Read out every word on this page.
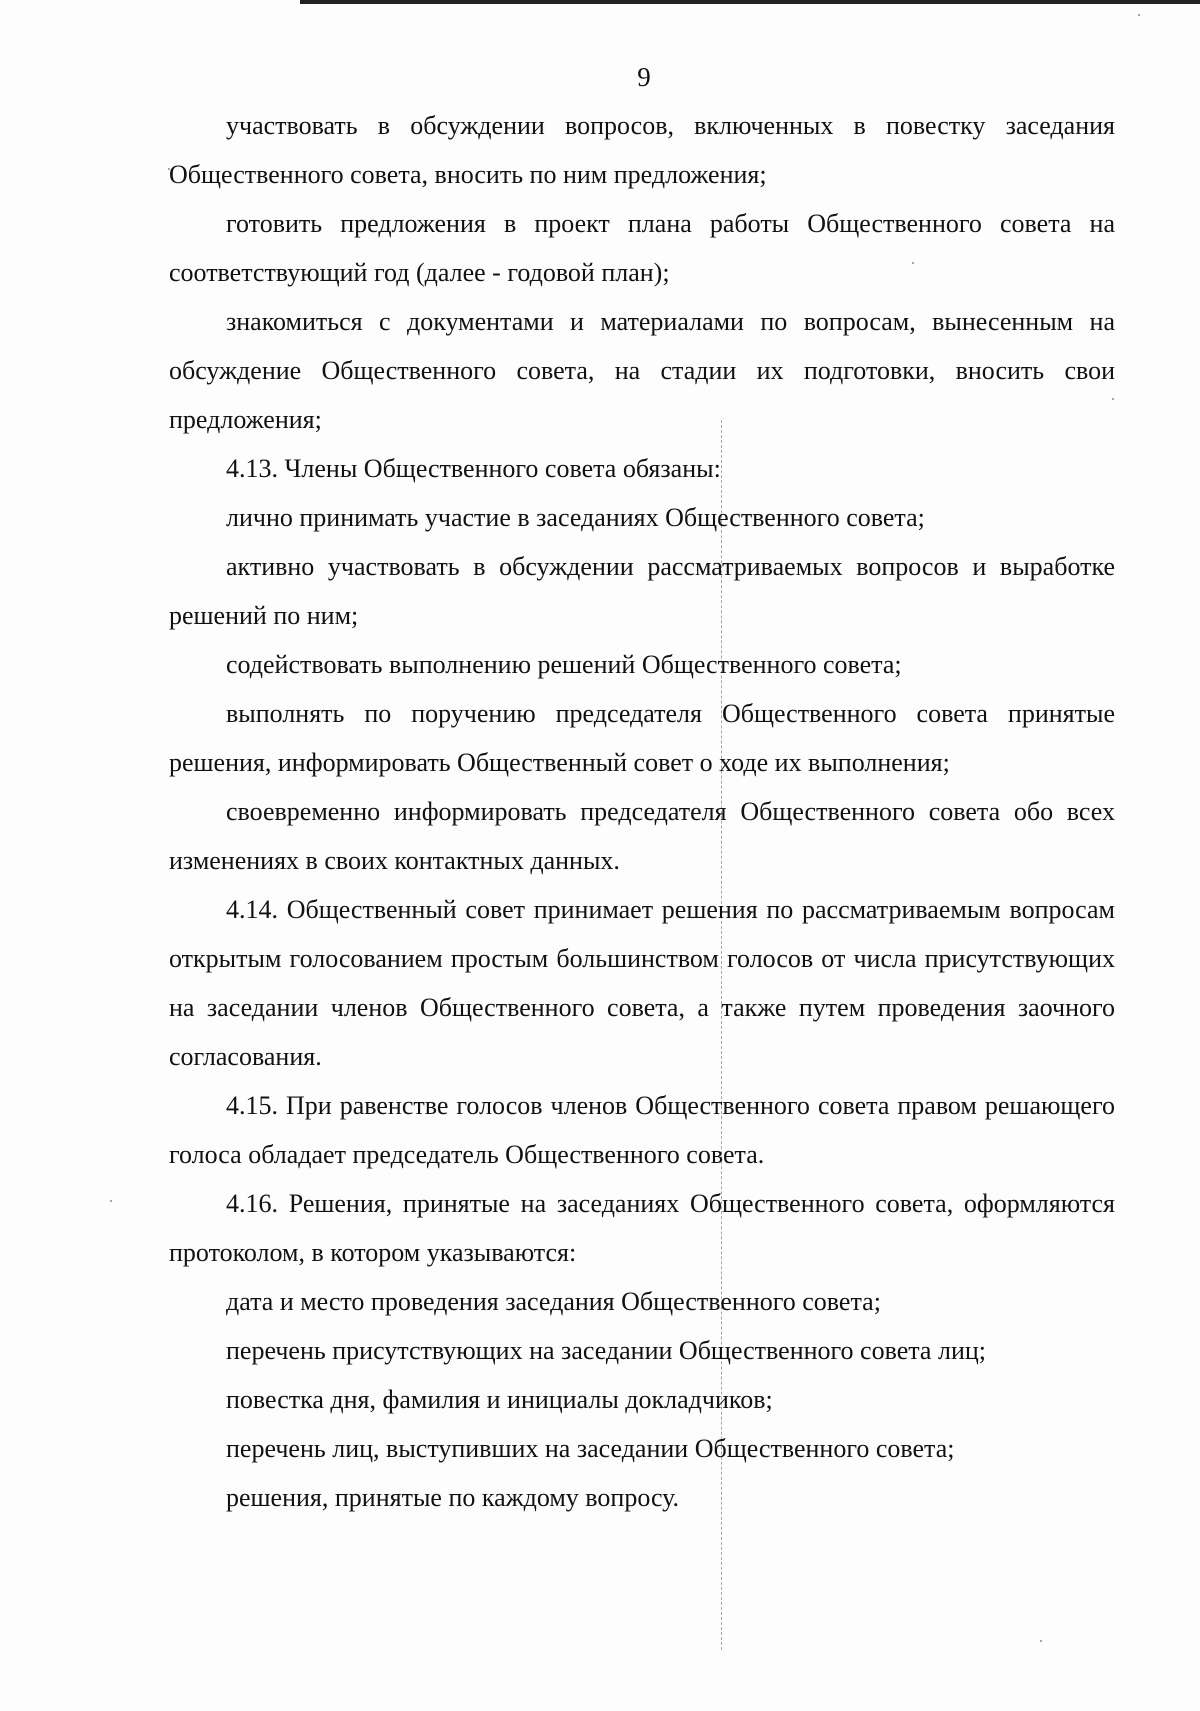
9

участвовать в обсуждении вопросов, включенных в повестку заседания Общественного совета, вносить по ним предложения;

готовить предложения в проект плана работы Общественного совета на соответствующий год (далее - годовой план);

знакомиться с документами и материалами по вопросам, вынесенным на обсуждение Общественного совета, на стадии их подготовки, вносить свои предложения;

4.13. Члены Общественного совета обязаны:

лично принимать участие в заседаниях Общественного совета;

активно участвовать в обсуждении рассматриваемых вопросов и выработке решений по ним;

содействовать выполнению решений Общественного совета;

выполнять по поручению председателя Общественного совета принятые решения, информировать Общественный совет о ходе их выполнения;

своевременно информировать председателя Общественного совета обо всех изменениях в своих контактных данных.

4.14. Общественный совет принимает решения по рассматриваемым вопросам открытым голосованием простым большинством голосов от числа присутствующих на заседании членов Общественного совета, а также путем проведения заочного согласования.

4.15. При равенстве голосов членов Общественного совета правом решающего голоса обладает председатель Общественного совета.

4.16. Решения, принятые на заседаниях Общественного совета, оформляются протоколом, в котором указываются:

дата и место проведения заседания Общественного совета;

перечень присутствующих на заседании Общественного совета лиц;

повестка дня, фамилия и инициалы докладчиков;

перечень лиц, выступивших на заседании Общественного совета;

решения, принятые по каждому вопросу.
